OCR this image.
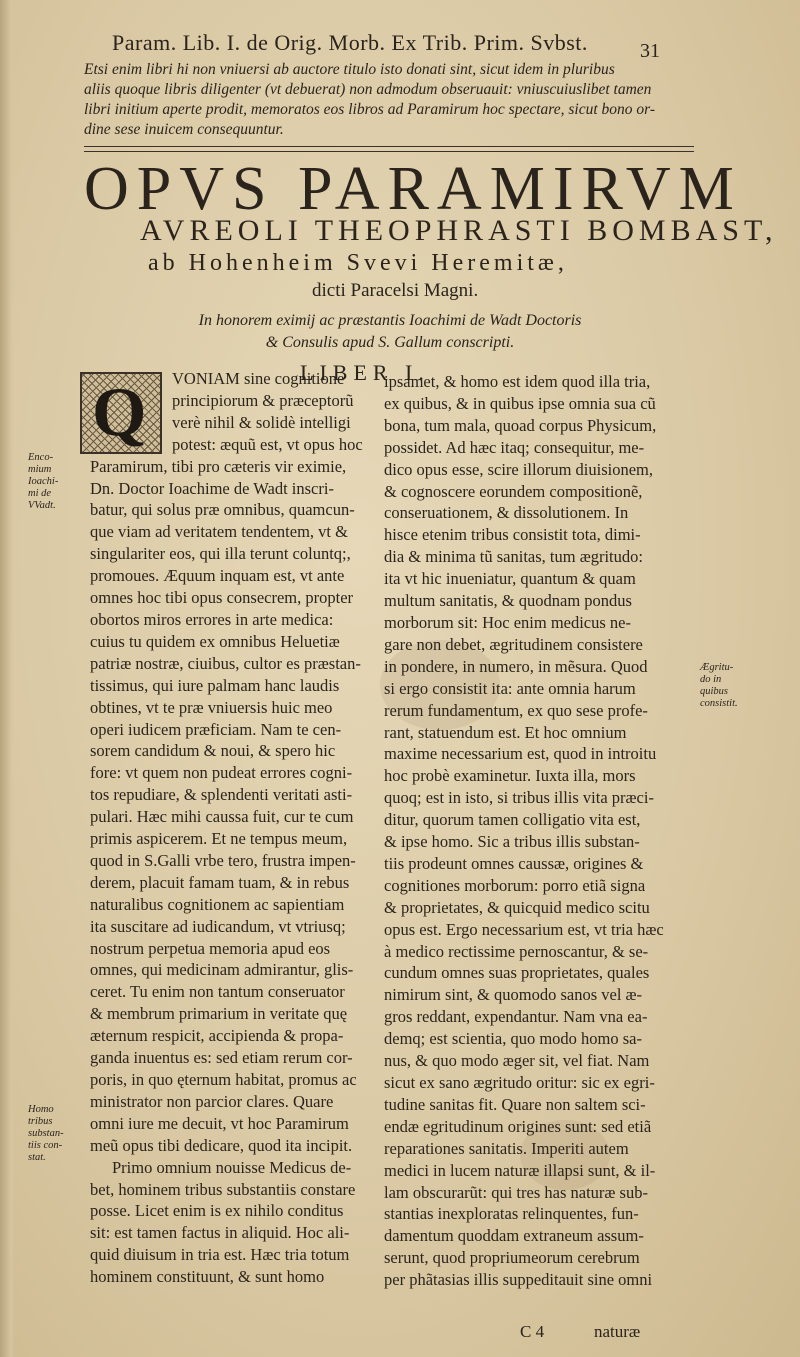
Param. Lib. I. de Orig. Morb. Ex Trib. Prim. Svbst.	31
Etsi enim libri hi non vniuersi ab auctore titulo isto donati sint, sicut idem in pluribus
aliis quoque libris diligenter (vt debuerat) non admodum obseruauit: vniuscuiuslibet tamen
libri initium aperte prodit, memoratos eos libros ad Paramirum hoc spectare, sicut bono or-
dine sese inuicem consequuntur.
OPVS PARAMIRVM
AVREOLI THEOPHRASTI BOMBAST,
ab Hohenheim Svevi Heremitæ,
dicti Paracelsi Magni.
In honorem eximij ac præstantis Ioachimi de Wadt Doctoris
& Consulis apud S. Gallum conscripti.
LIBER I.
Q	VONIAM sine cognitione
principiorum & præceptorũ
verè nihil & solidè intelligi
potest: æquũ est, vt opus hoc
Paramirum, tibi pro cæteris vir eximie,
Dn. Doctor Ioachime de Wadt inscri-
batur, qui solus præ omnibus, quamcun-
que viam ad veritatem tendentem, vt &
singulariter eos, qui illa terunt coluntq;,
promoues. Æquum inquam est, vt ante
omnes hoc tibi opus consecrem, propter
obortos miros errores in arte medica:
cuius tu quidem ex omnibus Heluetiæ
patriæ nostræ, ciuibus, cultor es præstan-
tissimus, qui iure palmam hanc laudis
obtines, vt te præ vniuersis huic meo
operi iudicem præficiam. Nam te cen-
sorem candidum & noui, & spero hic
fore: vt quem non pudeat errores cogni-
tos repudiare, & splendenti veritati asti-
pulari. Hæc mihi caussa fuit, cur te cum
primis aspicerem. Et ne tempus meum,
quod in S.Galli vrbe tero, frustra impen-
derem, placuit famam tuam, & in rebus
naturalibus cognitionem ac sapientiam
ita suscitare ad iudicandum, vt vtriusq;
nostrum perpetua memoria apud eos
omnes, qui medicinam admirantur, glis-
ceret. Tu enim non tantum conseruator
& membrum primarium in veritate quę
æternum respicit, accipienda & propa-
ganda inuentus es: sed etiam rerum cor-
poris, in quo ęternum habitat, promus ac
ministrator non parcior clares. Quare
omni iure me decuit, vt hoc Paramirum
meũ opus tibi dedicare, quod ita incipit.
Primo omnium nouisse Medicus de-
bet, hominem tribus substantiis constare
posse. Licet enim is ex nihilo conditus
sit: est tamen factus in aliquid. Hoc ali-
quid diuisum in tria est. Hæc tria totum
hominem constituunt, & sunt homo
ipsamet, & homo est idem quod illa tria,
ex quibus, & in quibus ipse omnia sua cũ
bona, tum mala, quoad corpus Physicum,
possidet. Ad hæc itaq; consequitur, me-
dico opus esse, scire illorum diuisionem,
& cognoscere eorundem compositionẽ,
conseruationem, & dissolutionem. In
hisce etenim tribus consistit tota, dimi-
dia & minima tũ sanitas, tum ægritudo:
ita vt hic inueniatur, quantum & quam
multum sanitatis, & quodnam pondus
morborum sit: Hoc enim medicus ne-
gare non debet, ægritudinem consistere
in pondere, in numero, in mẽsura. Quod
si ergo consistit ita: ante omnia harum
rerum fundamentum, ex quo sese profe-
rant, statuendum est. Et hoc omnium
maxime necessarium est, quod in introitu
hoc probè examinetur. Iuxta illa, mors
quoq; est in isto, si tribus illis vita præci-
ditur, quorum tamen colligatio vita est,
& ipse homo. Sic a tribus illis substan-
tiis prodeunt omnes caussæ, origines &
cognitiones morborum: porro etiã signa
& proprietates, & quicquid medico scitu
opus est. Ergo necessarium est, vt tria hæc
à medico rectissime pernoscantur, & se-
cundum omnes suas proprietates, quales
nimirum sint, & quomodo sanos vel æ-
gros reddant, expendantur. Nam vna ea-
demq; est scientia, quo modo homo sa-
nus, & quo modo æger sit, vel fiat. Nam
sicut ex sano ægritudo oritur: sic ex egri-
tudine sanitas fit. Quare non saltem sci-
endæ egritudinum origines sunt: sed etiã
reparationes sanitatis. Imperiti autem
medici in lucem naturæ illapsi sunt, & il-
lam obscurarũt: qui tres has naturæ sub-
stantias inexploratas relinquentes, fun-
damentum quoddam extraneum assum-
serunt, quod propriumeorum cerebrum
per phãtasias illis suppeditauit sine omni
Enco-
mium
Ioachi-
mi de
VVadt.
Homo
tribus
substan-
tiis con-
stat.
Ægritu-
do in
quibus
consistit.
C 4	naturæ
